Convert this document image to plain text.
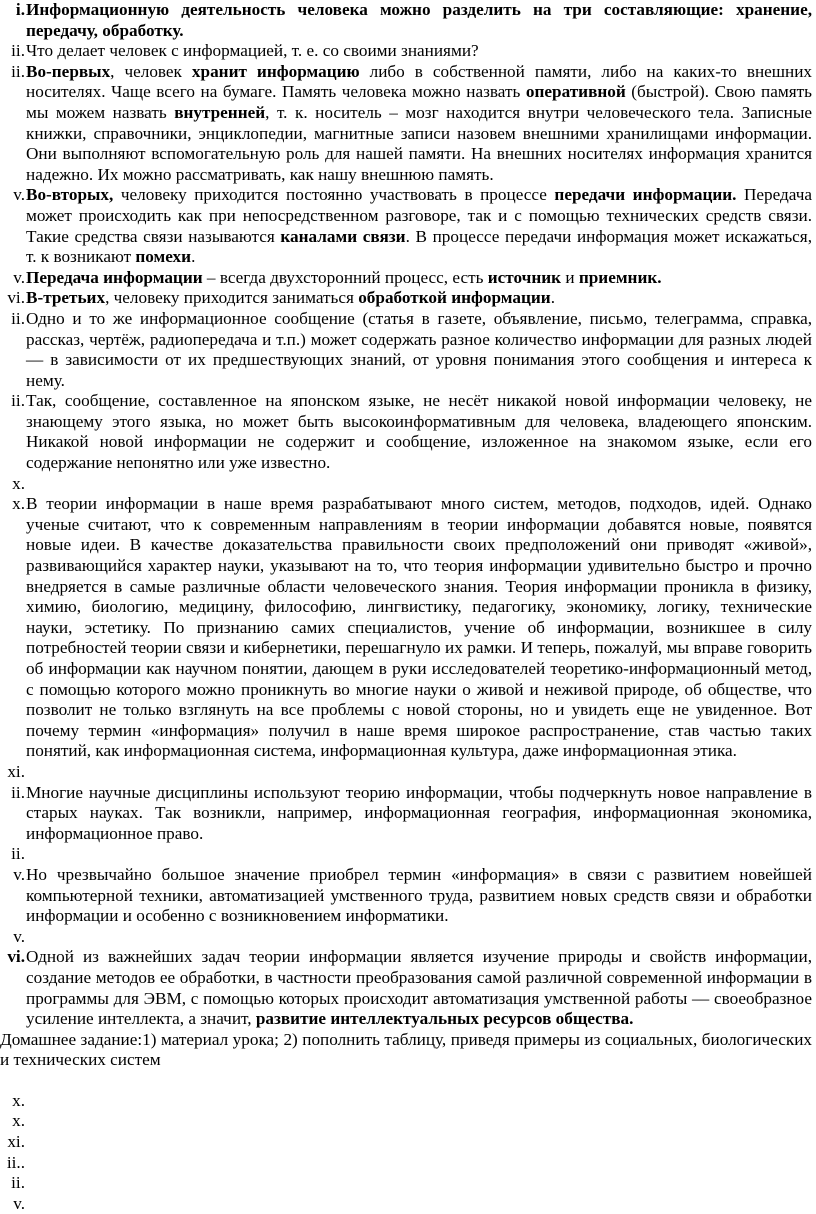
i. Информационную деятельность человека можно разделить на три составляющие: хранение, передачу, обработку.
ii. Что делает человек с информацией, т. е. со своими знаниями?
ii. Во-первых, человек хранит информацию либо в собственной памяти, либо на каких-то внешних носителях. Чаще всего на бумаге. Память человека можно назвать оперативной (быстрой). Свою память мы можем назвать внутренней, т. к. носитель – мозг находится внутри человеческого тела. Записные книжки, справочники, энциклопедии, магнитные записи назовем внешними хранилищами информации. Они выполняют вспомогательную роль для нашей памяти. На внешних носителях информация хранится надежно. Их можно рассматривать, как нашу внешнюю память.
v. Во-вторых, человеку приходится постоянно участвовать в процессе передачи информации. Передача может происходить как при непосредственном разговоре, так и с помощью технических средств связи. Такие средства связи называются каналами связи. В процессе передачи информация может искажаться, т. к возникают помехи.
v. Передача информации – всегда двухсторонний процесс, есть источник и приемник.
vi. В-третьих, человеку приходится заниматься обработкой информации.
ii. Одно и то же информационное сообщение (статья в газете, объявление, письмо, телеграмма, справка, рассказ, чертёж, радиопередача и т.п.) может содержать разное количество информации для разных людей — в зависимости от их предшествующих знаний, от уровня понимания этого сообщения и интереса к нему.
ii. Так, сообщение, составленное на японском языке, не несёт никакой новой информации человеку, не знающему этого языка, но может быть высокоинформативным для человека, владеющего японским. Никакой новой информации не содержит и сообщение, изложенное на знакомом языке, если его содержание непонятно или уже известно.
x.

x. В теории информации в наше время разрабатывают много систем, методов, подходов, идей. Однако ученые считают, что к современным направлениям в теории информации добавятся новые, появятся новые идеи. В качестве доказательства правильности своих предположений они приводят «живой», развивающийся характер науки, указывают на то, что теория информации удивительно быстро и прочно внедряется в самые различные области человеческого знания. Теория информации проникла в физику, химию, биологию, медицину, философию, лингвистику, педагогику, экономику, логику, технические науки, эстетику. По признанию самих специалистов, учение об информации, возникшее в силу потребностей теории связи и кибернетики, перешагнуло их рамки. И теперь, пожалуй, мы вправе говорить об информации как научном понятии, дающем в руки исследователей теоретико-информационный метод, с помощью которого можно проникнуть во многие науки о живой и неживой природе, об обществе, что позволит не только взглянуть на все проблемы с новой стороны, но и увидеть еще не увиденное. Вот почему термин «информация» получил в наше время широкое распространение, став частью таких понятий, как информационная система, информационная культура, даже информационная этика.
xi.

ii. Многие научные дисциплины используют теорию информации, чтобы подчеркнуть новое направление в старых науках. Так возникли, например, информационная география, информационная экономика, информационное право.
ii.

v. Но чрезвычайно большое значение приобрел термин «информация» в связи с развитием новейшей компьютерной техники, автоматизацией умственного труда, развитием новых средств связи и обработки информации и особенно с возникновением информатики.
v.

vi. Одной из важнейших задач теории информации является изучение природы и свойств информации, создание методов ее обработки, в частности преобразования самой различной современной информации в программы для ЭВМ, с помощью которых происходит автоматизация умственной работы — своеобразное усиление интеллекта, а значит, развитие интеллектуальных ресурсов общества.
Домашнее задание:1) материал урока; 2) пополнить таблицу, приведя примеры из социальных, биологических и технических систем
x.

x.

xi.

ii..

ii.

v.
